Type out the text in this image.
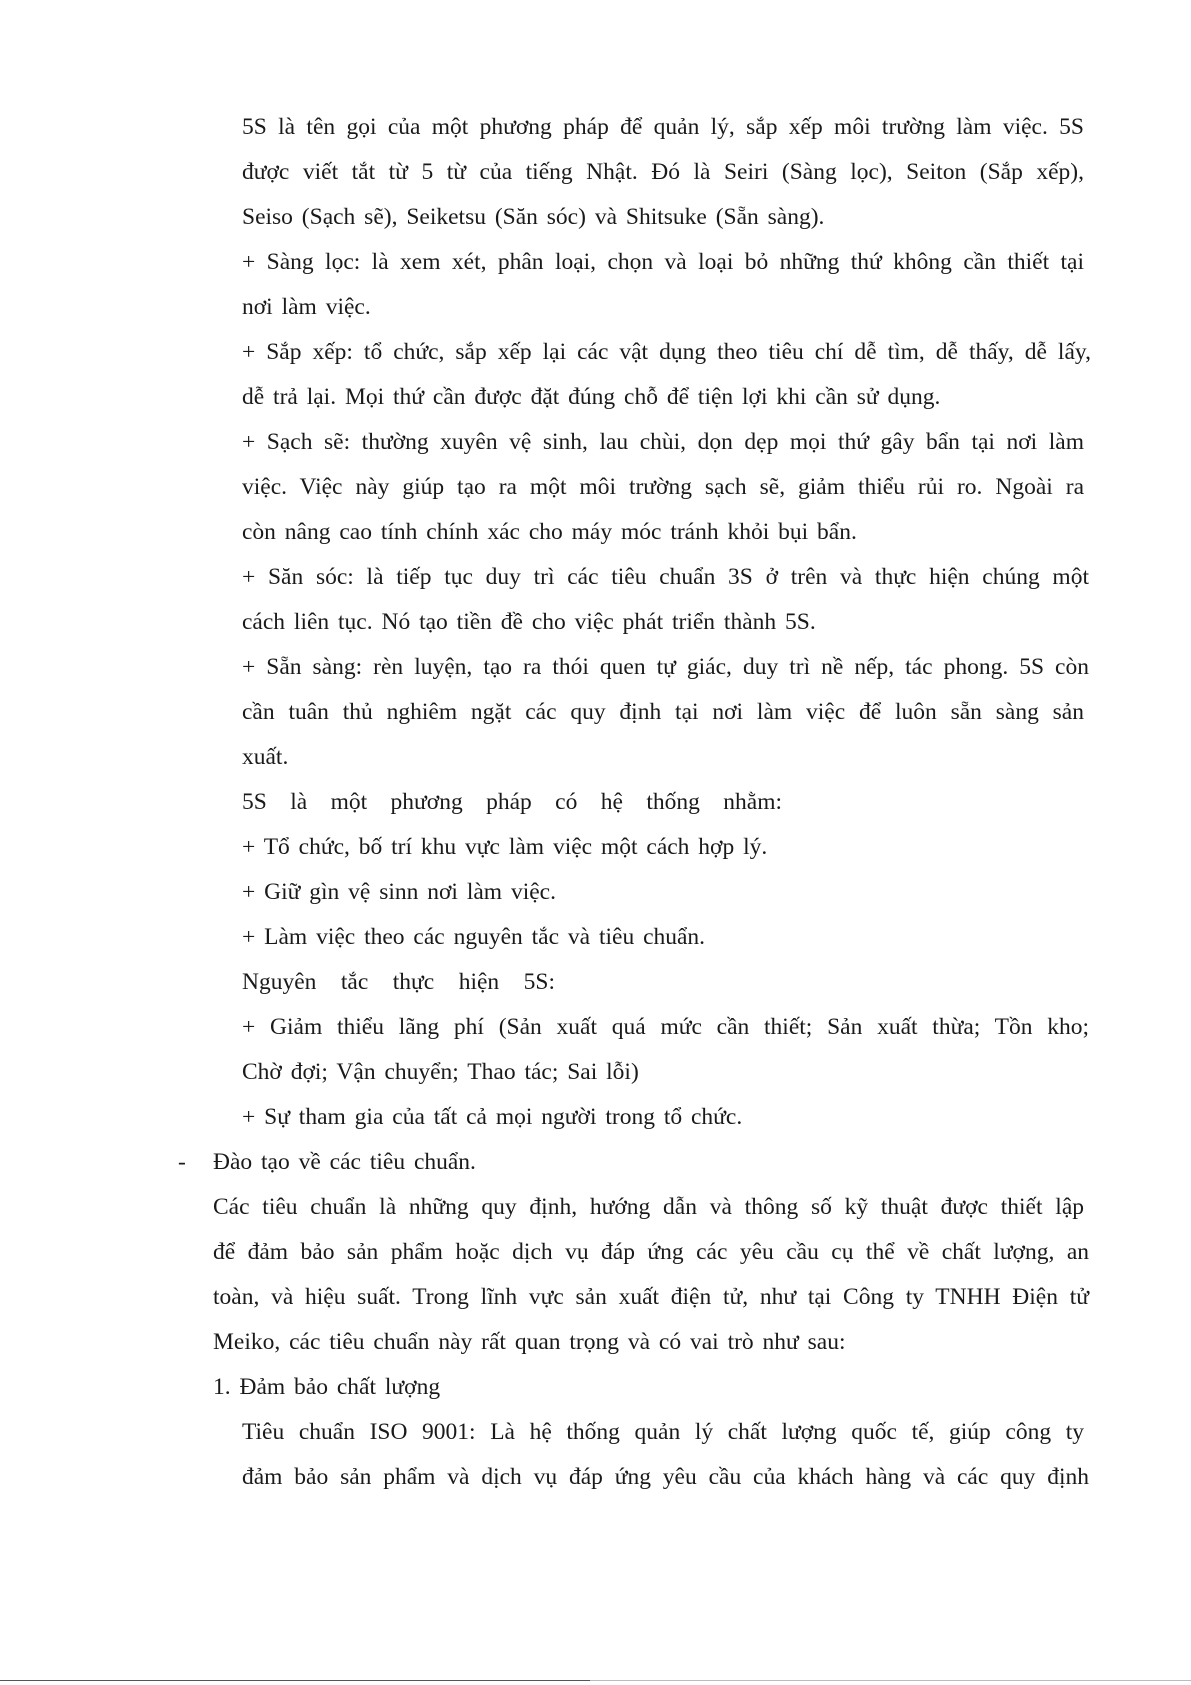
5S là tên gọi của một phương pháp để quản lý, sắp xếp môi trường làm việc. 5S
được viết tắt từ 5 từ của tiếng Nhật. Đó là Seiri (Sàng lọc), Seiton (Sắp xếp),
Seiso (Sạch sẽ), Seiketsu (Săn sóc) và Shitsuke (Sẵn sàng).
+ Sàng lọc: là xem xét, phân loại, chọn và loại bỏ những thứ không cần thiết tại
nơi làm việc.
+ Sắp xếp: tổ chức, sắp xếp lại các vật dụng theo tiêu chí dễ tìm, dễ thấy, dễ lấy,
dễ trả lại. Mọi thứ cần được đặt đúng chỗ để tiện lợi khi cần sử dụng.
+ Sạch sẽ: thường xuyên vệ sinh, lau chùi, dọn dẹp mọi thứ gây bẩn tại nơi làm
việc. Việc này giúp tạo ra một môi trường sạch sẽ, giảm thiểu rủi ro. Ngoài ra
còn nâng cao tính chính xác cho máy móc tránh khỏi bụi bẩn.
+ Săn sóc: là tiếp tục duy trì các tiêu chuẩn 3S ở trên và thực hiện chúng một
cách liên tục. Nó tạo tiền đề cho việc phát triển thành 5S.
+ Sẵn sàng: rèn luyện, tạo ra thói quen tự giác, duy trì nề nếp, tác phong. 5S còn
cần tuân thủ nghiêm ngặt các quy định tại nơi làm việc để luôn sẵn sàng sản
xuất.
5S là một phương pháp có hệ thống nhằm:
+ Tổ chức, bố trí khu vực làm việc một cách hợp lý.
+ Giữ gìn vệ sinn nơi làm việc.
+ Làm việc theo các nguyên tắc và tiêu chuẩn.
Nguyên tắc thực hiện 5S:
+ Giảm thiểu lãng phí (Sản xuất quá mức cần thiết; Sản xuất thừa; Tồn kho;
Chờ đợi; Vận chuyển; Thao tác; Sai lỗi)
+ Sự tham gia của tất cả mọi người trong tổ chức.
- Đào tạo về các tiêu chuẩn.
Các tiêu chuẩn là những quy định, hướng dẫn và thông số kỹ thuật được thiết lập
để đảm bảo sản phẩm hoặc dịch vụ đáp ứng các yêu cầu cụ thể về chất lượng, an
toàn, và hiệu suất. Trong lĩnh vực sản xuất điện tử, như tại Công ty TNHH Điện tử
Meiko, các tiêu chuẩn này rất quan trọng và có vai trò như sau:
1. Đảm bảo chất lượng
Tiêu chuẩn ISO 9001: Là hệ thống quản lý chất lượng quốc tế, giúp công ty
đảm bảo sản phẩm và dịch vụ đáp ứng yêu cầu của khách hàng và các quy định
